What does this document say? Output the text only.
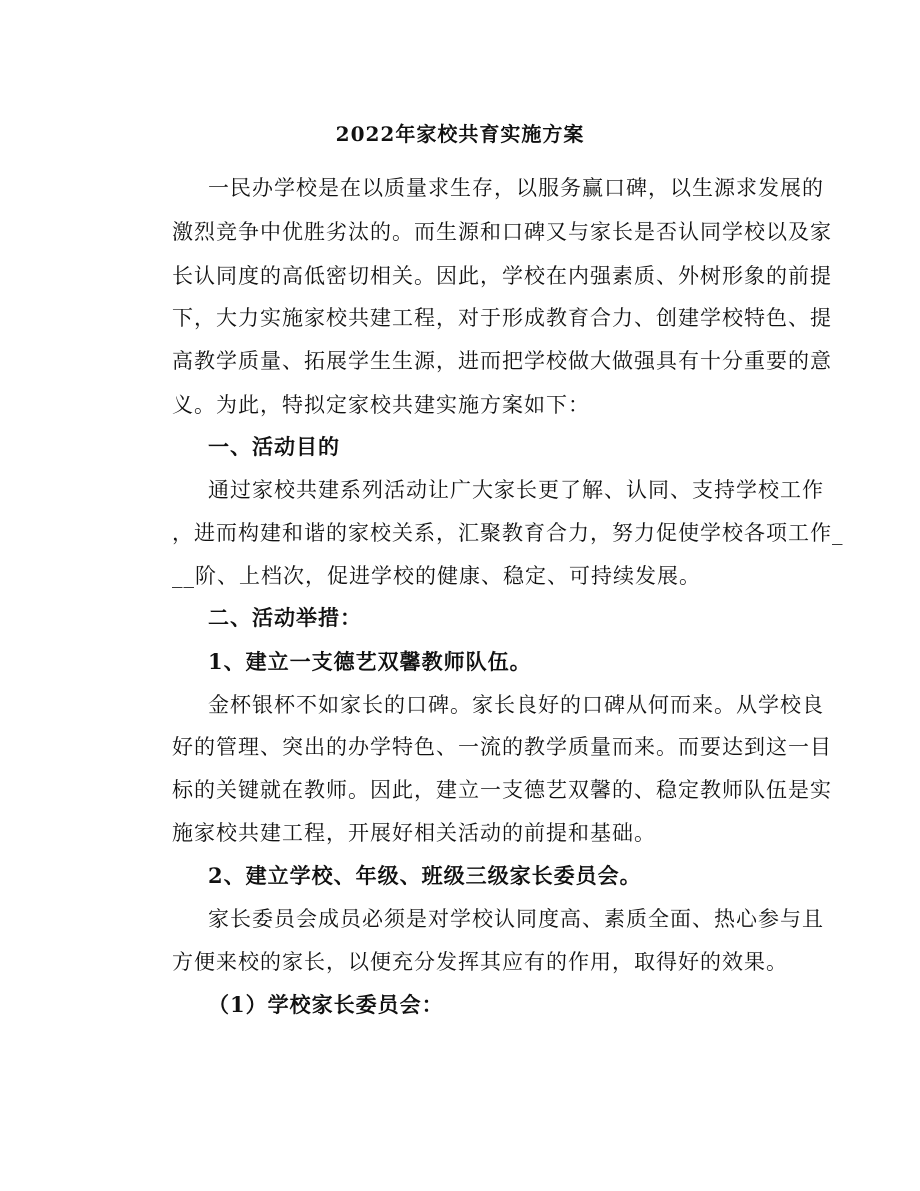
2022年家校共育实施方案
一民办学校是在以质量求生存，以服务赢口碑，以生源求发展的
激烈竞争中优胜劣汰的。而生源和口碑又与家长是否认同学校以及家
长认同度的高低密切相关。因此，学校在内强素质、外树形象的前提
下，大力实施家校共建工程，对于形成教育合力、创建学校特色、提
高教学质量、拓展学生生源，进而把学校做大做强具有十分重要的意
义。为此，特拟定家校共建实施方案如下：
一、活动目的
通过家校共建系列活动让广大家长更了解、认同、支持学校工作
，进而构建和谐的家校关系，汇聚教育合力，努力促使学校各项工作_
__阶、上档次，促进学校的健康、稳定、可持续发展。
二、活动举措：
1、建立一支德艺双馨教师队伍。
金杯银杯不如家长的口碑。家长良好的口碑从何而来。从学校良
好的管理、突出的办学特色、一流的教学质量而来。而要达到这一目
标的关键就在教师。因此，建立一支德艺双馨的、稳定教师队伍是实
施家校共建工程，开展好相关活动的前提和基础。
2、建立学校、年级、班级三级家长委员会。
家长委员会成员必须是对学校认同度高、素质全面、热心参与且
方便来校的家长，以便充分发挥其应有的作用，取得好的效果。
（1）学校家长委员会：
